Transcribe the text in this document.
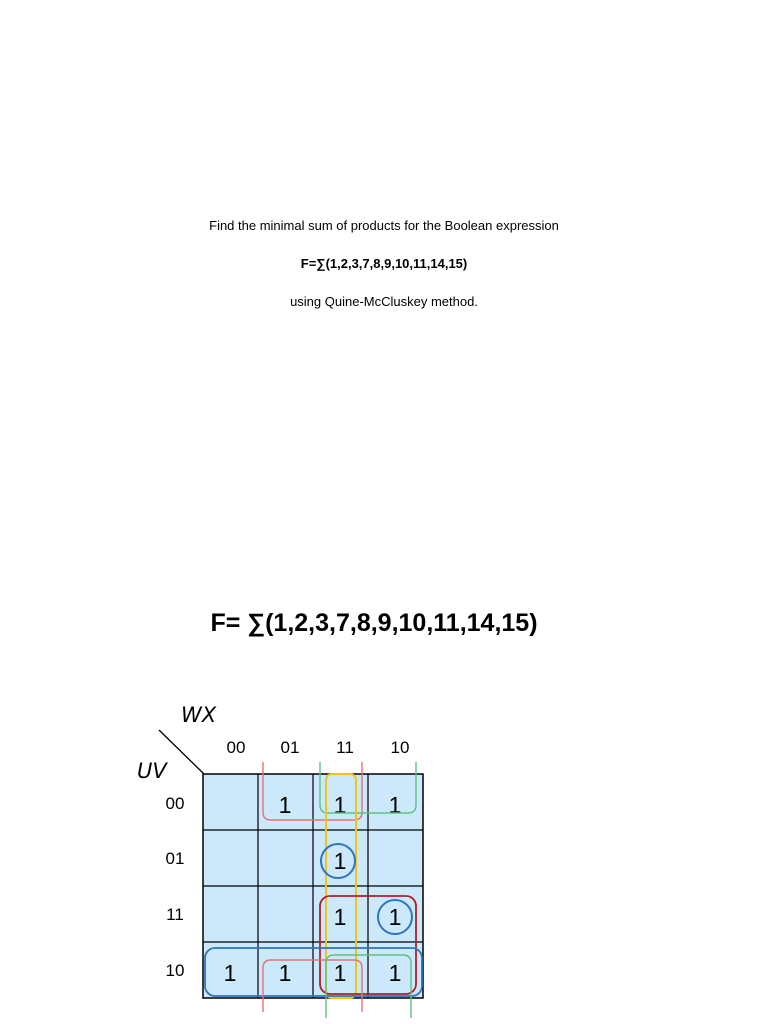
Find the minimal sum of products for the Boolean expression
F=∑(1,2,3,7,8,9,10,11,14,15)
using Quine-McCluskey method.
F= ∑(1,2,3,7,8,9,10,11,14,15)
WX
UV
00 01 11 10
00
01
11
10
1 1 1
1
1 1
1 1 1 1
